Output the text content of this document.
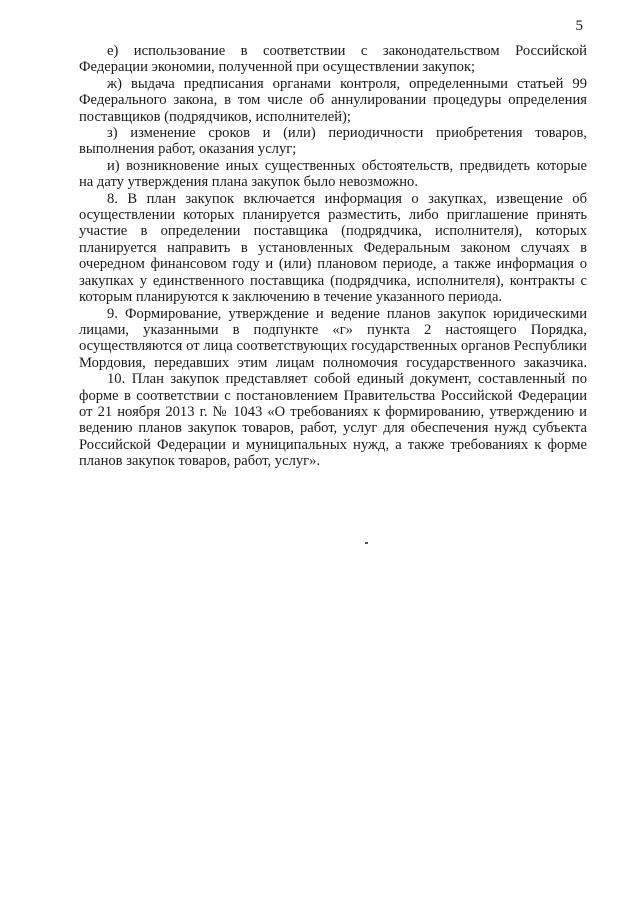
5

е) использование в соответствии с законодательством Российской Федерации экономии, полученной при осуществлении закупок;

ж) выдача предписания органами контроля, определенными статьей 99 Федерального закона, в том числе об аннулировании процедуры определения поставщиков (подрядчиков, исполнителей);

з) изменение сроков и (или) периодичности приобретения товаров, выполнения работ, оказания услуг;

и) возникновение иных существенных обстоятельств, предвидеть которые на дату утверждения плана закупок было невозможно.

8. В план закупок включается информация о закупках, извещение об осуществлении которых планируется разместить, либо приглашение принять участие в определении поставщика (подрядчика, исполнителя), которых планируется направить в установленных Федеральным законом случаях в очередном финансовом году и (или) плановом периоде, а также информация о закупках у единственного поставщика (подрядчика, исполнителя), контракты с которым планируются к заключению в течение указанного периода.

9. Формирование, утверждение и ведение планов закупок юридическими лицами, указанными в подпункте «г» пункта 2 настоящего Порядка, осуществляются от лица соответствующих государственных органов Республики Мордовия, передавших этим лицам полномочия государственного заказчика.

10. План закупок представляет собой единый документ, составленный по форме в соответствии с постановлением Правительства Российской Федерации от 21 ноября 2013 г. № 1043 «О требованиях к формированию, утверждению и ведению планов закупок товаров, работ, услуг для обеспечения нужд субъекта Российской Федерации и муниципальных нужд, а также требованиях к форме планов закупок товаров, работ, услуг».
